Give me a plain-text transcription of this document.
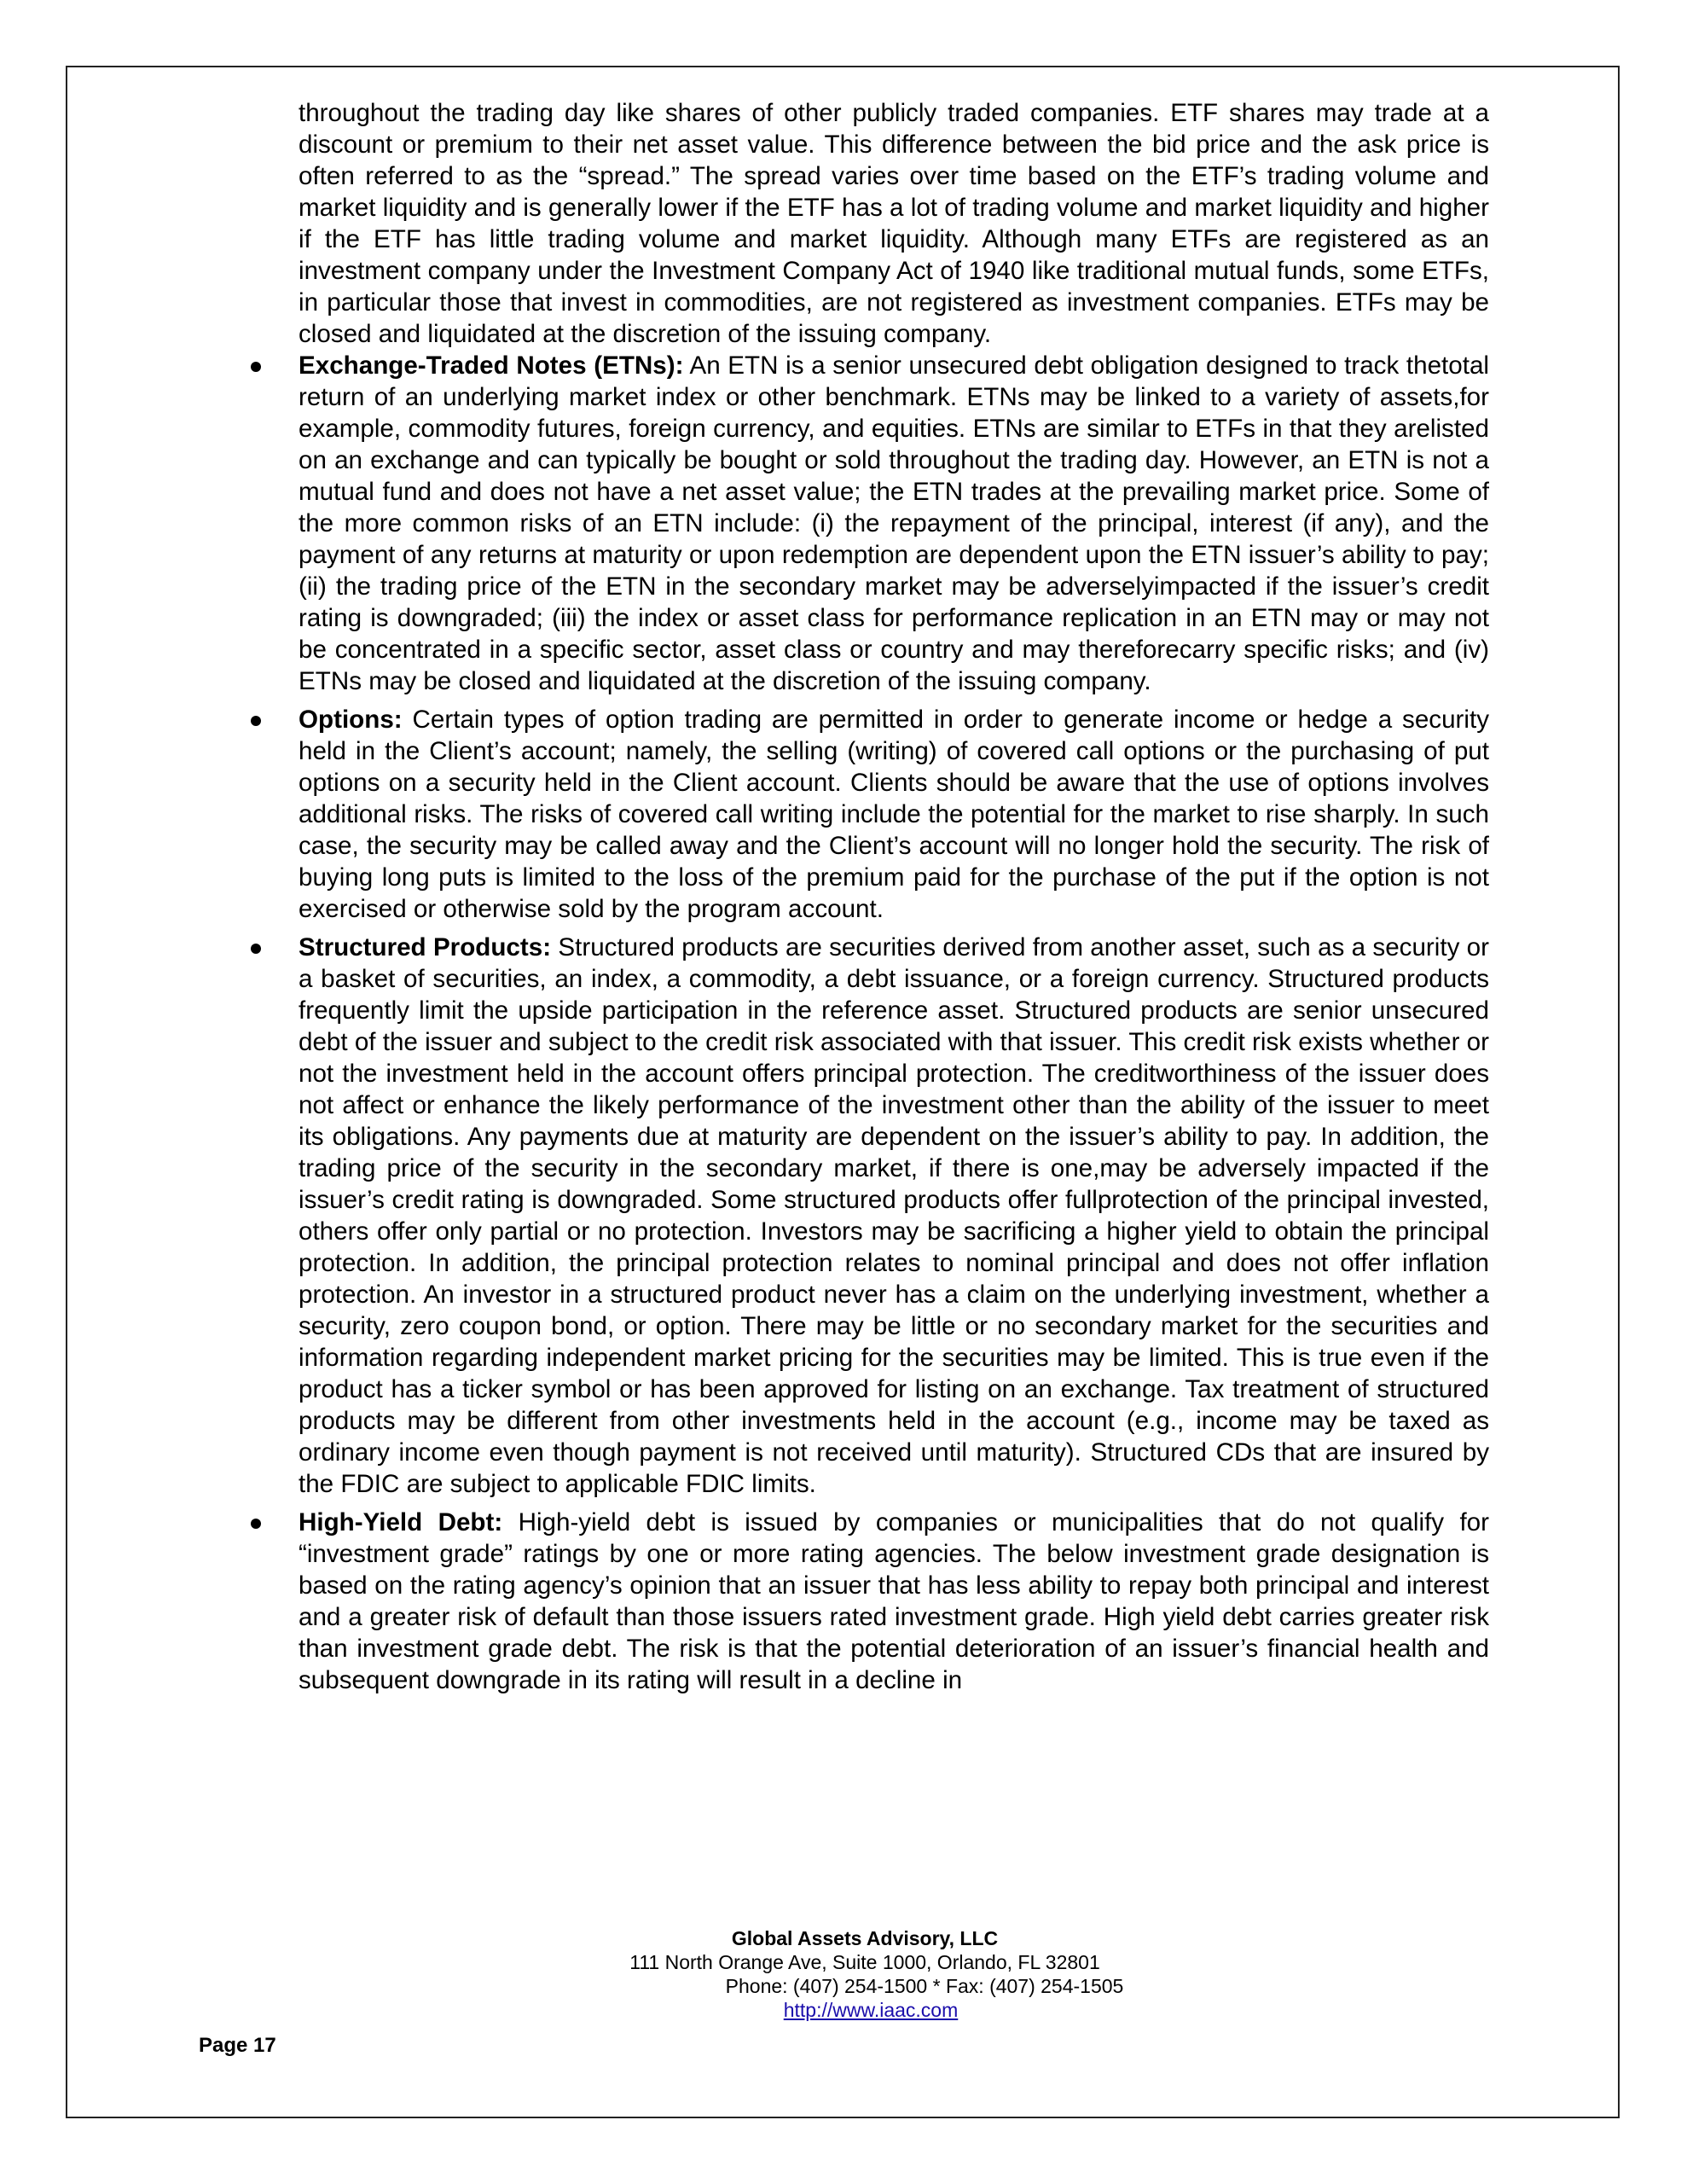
throughout the trading day like shares of other publicly traded companies. ETF shares may trade at a discount or premium to their net asset value. This difference between the bid price and the ask price is often referred to as the “spread.” The spread varies over time based on the ETF’s trading volume and market liquidity and is generally lower if the ETF has a lot of trading volume and market liquidity and higher if the ETF has little trading volume and market liquidity. Although many ETFs are registered as an investment company under the Investment Company Act of 1940 like traditional mutual funds, some ETFs, in particular those that invest in commodities, are not registered as investment companies. ETFs may be closed and liquidated at the discretion of the issuing company.

Exchange-Traded Notes (ETNs): An ETN is a senior unsecured debt obligation designed to track thetotal return of an underlying market index or other benchmark. ETNs may be linked to a variety of assets,for example, commodity futures, foreign currency, and equities. ETNs are similar to ETFs in that they arelisted on an exchange and can typically be bought or sold throughout the trading day. However, an ETN is not a mutual fund and does not have a net asset value; the ETN trades at the prevailing market price. Some of the more common risks of an ETN include: (i) the repayment of the principal, interest (if any), and the payment of any returns at maturity or upon redemption are dependent upon the ETN issuer’s ability to pay; (ii) the trading price of the ETN in the secondary market may be adverselyimpacted if the issuer’s credit rating is downgraded; (iii) the index or asset class for performance replication in an ETN may or may not be concentrated in a specific sector, asset class or country and may thereforecarry specific risks; and (iv) ETNs may be closed and liquidated at the discretion of the issuing company.
Options: Certain types of option trading are permitted in order to generate income or hedge a security held in the Client’s account; namely, the selling (writing) of covered call options or the purchasing of put options on a security held in the Client account. Clients should be aware that the use of options involves additional risks. The risks of covered call writing include the potential for the market to rise sharply. In such case, the security may be called away and the Client’s account will no longer hold the security. The risk of buying long puts is limited to the loss of the premium paid for the purchase of the put if the option is not exercised or otherwise sold by the program account.
Structured Products: Structured products are securities derived from another asset, such as a security or a basket of securities, an index, a commodity, a debt issuance, or a foreign currency. Structured products frequently limit the upside participation in the reference asset. Structured products are senior unsecured debt of the issuer and subject to the credit risk associated with that issuer. This credit risk exists whether or not the investment held in the account offers principal protection. The creditworthiness of the issuer does not affect or enhance the likely performance of the investment other than the ability of the issuer to meet its obligations. Any payments due at maturity are dependent on the issuer’s ability to pay. In addition, the trading price of the security in the secondary market, if there is one,may be adversely impacted if the issuer’s credit rating is downgraded. Some structured products offer fullprotection of the principal invested, others offer only partial or no protection. Investors may be sacrificing a higher yield to obtain the principal protection. In addition, the principal protection relates to nominal principal and does not offer inflation protection. An investor in a structured product never has a claim on the underlying investment, whether a security, zero coupon bond, or option. There may be little or no secondary market for the securities and information regarding independent market pricing for the securities may be limited. This is true even if the product has a ticker symbol or has been approved for listing on an exchange. Tax treatment of structured products may be different from other investments held in the account (e.g., income may be taxed as ordinary income even though payment is not received until maturity). Structured CDs that are insured by the FDIC are subject to applicable FDIC limits.
High-Yield Debt: High-yield debt is issued by companies or municipalities that do not qualify for “investment grade” ratings by one or more rating agencies. The below investment grade designation is based on the rating agency’s opinion that an issuer that has less ability to repay both principal and interest and a greater risk of default than those issuers rated investment grade. High yield debt carries greater risk than investment grade debt. The risk is that the potential deterioration of an issuer’s financial health and subsequent downgrade in its rating will result in a decline in
Global Assets Advisory, LLC
111 North Orange Ave, Suite 1000, Orlando, FL 32801
Phone: (407) 254-1500 * Fax: (407) 254-1505
http://www.iaac.com
Page 17
